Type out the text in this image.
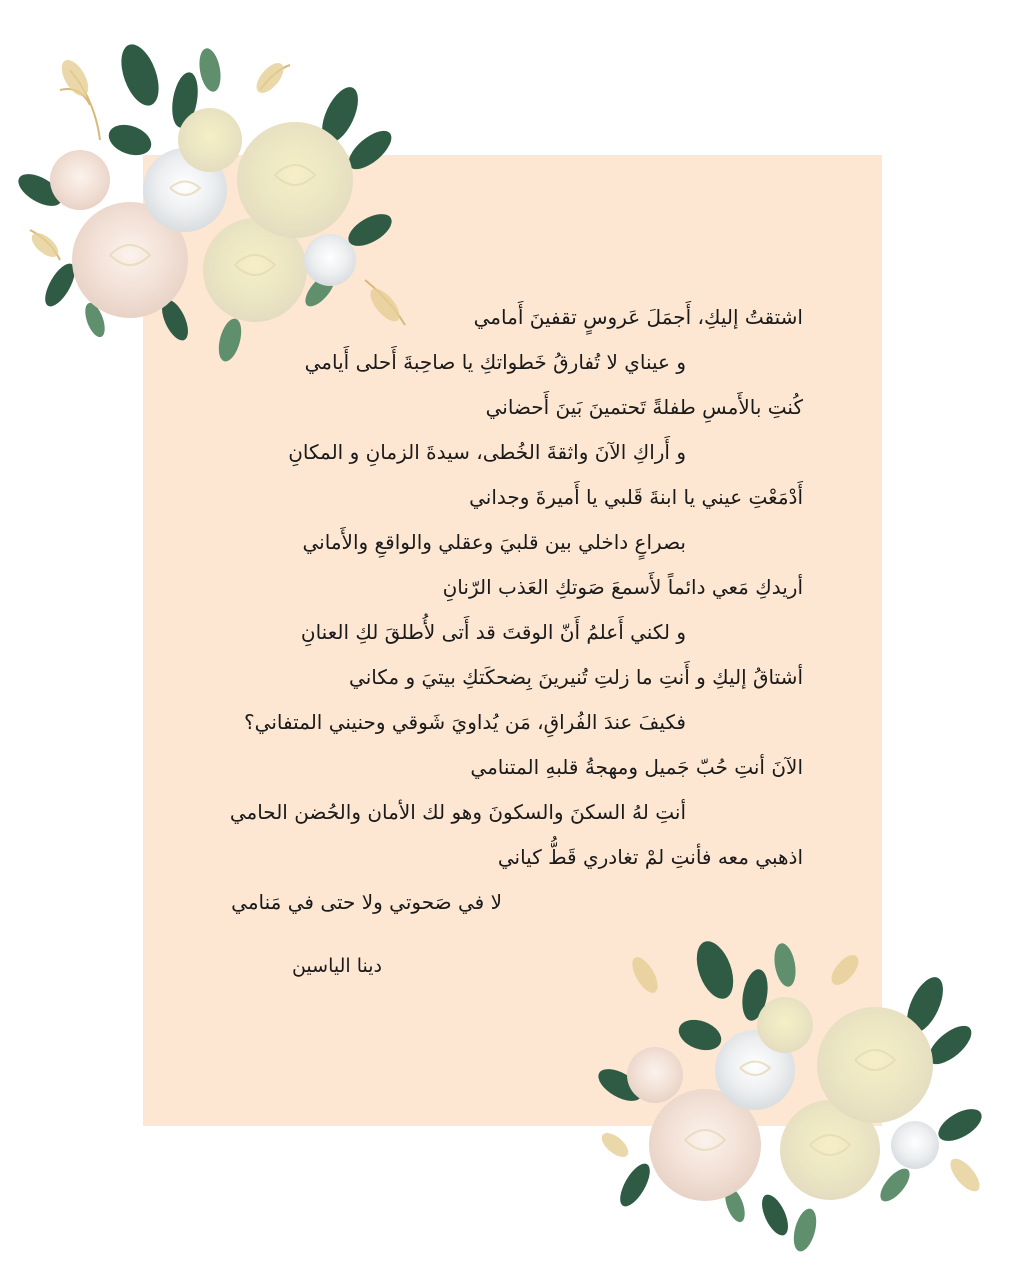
اشتقتُ إليكِ، أَجمَلَ عَروسٍ تقفينَ أَمامي
و عيناي لا تُفارقُ خَطواتكِ يا صاحِبةَ أَحلى أَيامي
كُنتِ بالأَمسِ طفلةً تَحتمينَ بَينَ أَحضاني
و أَراكِ الآنَ واثقةَ الخُطى، سيدةَ الزمانِ و المكانِ
أَدْمَعْتِ عيني يا ابنةَ قَلبي يا أَميرةَ وجداني
بصراعٍ داخلي بين قلبيَ وعقلي والواقعِ والأَماني
أريدكِ مَعي دائماً لأَسمعَ صَوتكِ العَذب الرّنانِ
و لكني أَعلمُ أَنّ الوقتَ قد أَتى لأُطلقَ لكِ العنانِ
أشتاقُ إليكِ و أَنتِ ما زلتِ تُنيرينَ بِضحكَتكِ بيتيَ و مكاني
فكيفَ عندَ الفُراقِ، مَن يُداويَ شَوقي وحنيني المتفاني؟
الآنَ أنتِ حُبّ جَميل ومهجةُ قلبهِ المتنامي
أنتِ لهُ السكنَ والسكونَ وهو لك الأمان والحُضن الحامي
اذهبي معه فأنتِ لمْ تغادري قَطُّ كياني
لا في صَحوتي ولا حتى في مَنامي
دينا الياسين
